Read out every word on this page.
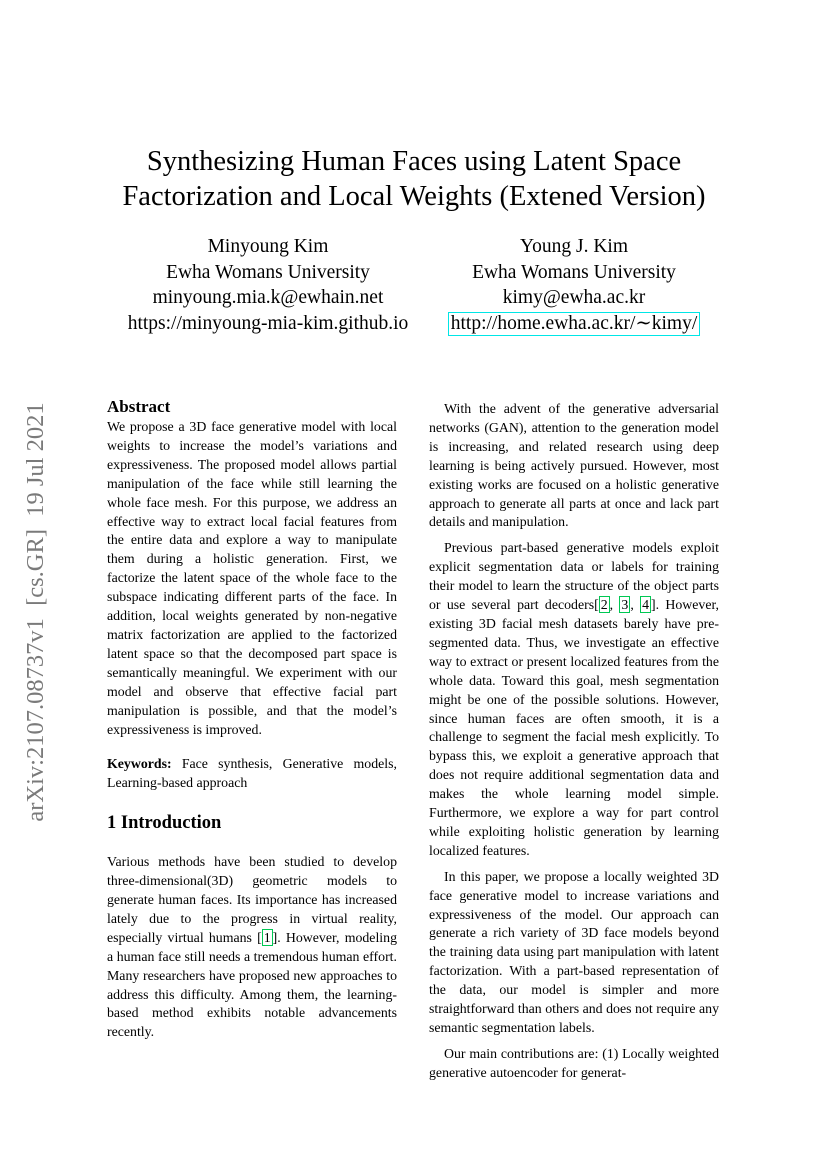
arXiv:2107.08737v1  [cs.GR]  19 Jul 2021
Synthesizing Human Faces using Latent Space
Factorization and Local Weights (Extened Version)
Minyoung Kim
Ewha Womans University
minyoung.mia.k@ewhain.net
https://minyoung-mia-kim.github.io
Young J. Kim
Ewha Womans University
kimy@ewha.ac.kr
http://home.ewha.ac.kr/∼kimy/
Abstract

We propose a 3D face generative model with local weights to increase the model’s variations and expressiveness. The proposed model allows partial manipulation of the face while still learning the whole face mesh. For this purpose, we address an effective way to extract local facial features from the entire data and explore a way to manipulate them during a holistic generation. First, we factorize the latent space of the whole face to the subspace indicating different parts of the face. In addition, local weights generated by non-negative matrix factorization are applied to the factorized latent space so that the decomposed part space is semantically meaningful. We experiment with our model and observe that effective facial part manipulation is possible, and that the model’s expressiveness is improved.

Keywords: Face synthesis, Generative models, Learning-based approach

1 Introduction

Various methods have been studied to develop three-dimensional(3D) geometric models to generate human faces. Its importance has increased lately due to the progress in virtual reality, especially virtual humans [ 1 ]. However, modeling a human face still needs a tremendous human effort. Many researchers have proposed new approaches to address this difficulty. Among them, the learning-based method exhibits notable advancements recently.

With the advent of the generative adversarial networks (GAN), attention to the generation model is increasing, and related research using deep learning is being actively pursued. However, most existing works are focused on a holistic generative approach to generate all parts at once and lack part details and manipulation.

Previous part-based generative models exploit explicit segmentation data or labels for training their model to learn the structure of the object parts or use several part decoders[ 2 , 3 , 4 ]. However, existing 3D facial mesh datasets barely have pre-segmented data. Thus, we investigate an effective way to extract or present localized features from the whole data. Toward this goal, mesh segmentation might be one of the possible solutions. However, since human faces are often smooth, it is a challenge to segment the facial mesh explicitly. To bypass this, we exploit a generative approach that does not require additional segmentation data and makes the whole learning model simple. Furthermore, we explore a way for part control while exploiting holistic generation by learning localized features.

In this paper, we propose a locally weighted 3D face generative model to increase variations and expressiveness of the model. Our approach can generate a rich variety of 3D face models beyond the training data using part manipulation with latent factorization. With a part-based representation of the data, our model is simpler and more straightforward than others and does not require any semantic segmentation labels.

Our main contributions are: (1) Locally weighted generative autoencoder for generat-
